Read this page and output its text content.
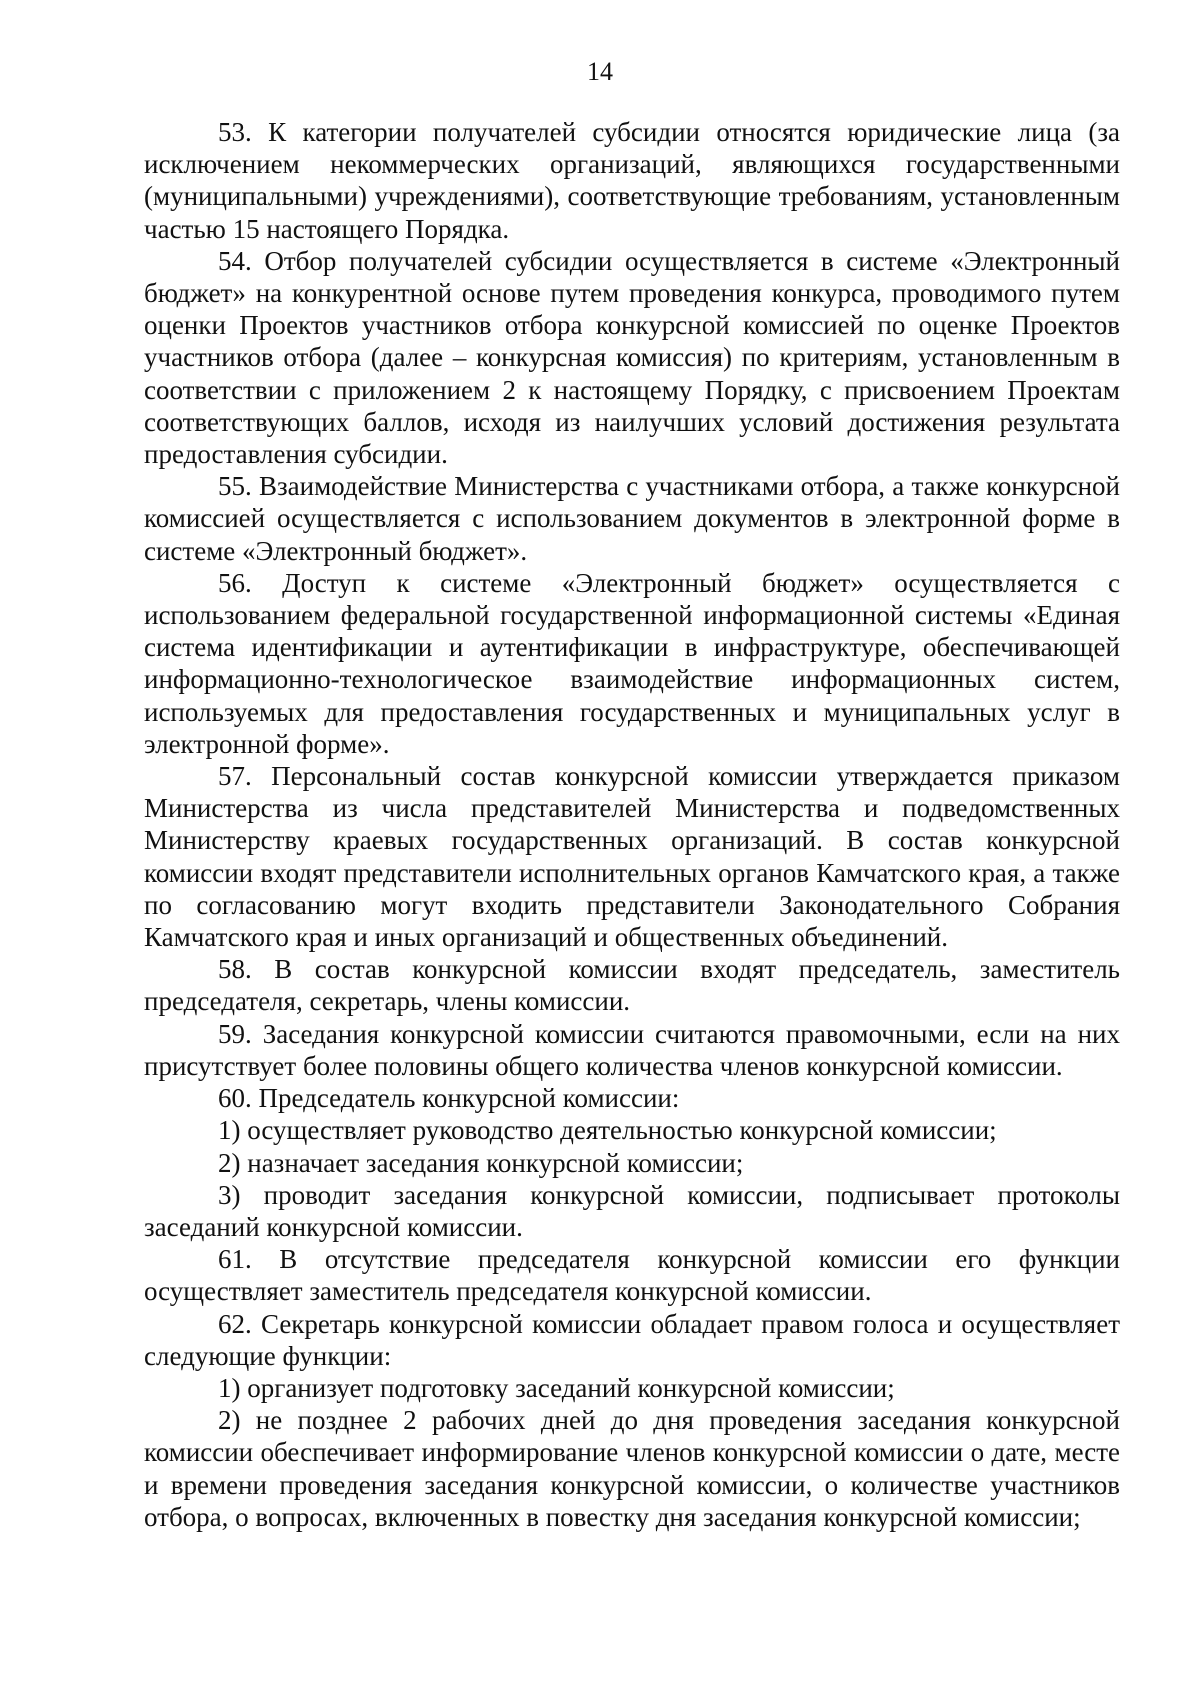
14

53. К категории получателей субсидии относятся юридические лица (за исключением некоммерческих организаций, являющихся государственными (муниципальными) учреждениями), соответствующие требованиям, установленным частью 15 настоящего Порядка.

54. Отбор получателей субсидии осуществляется в системе «Электронный бюджет» на конкурентной основе путем проведения конкурса, проводимого путем оценки Проектов участников отбора конкурсной комиссией по оценке Проектов участников отбора (далее – конкурсная комиссия) по критериям, установленным в соответствии с приложением 2 к настоящему Порядку, с присвоением Проектам соответствующих баллов, исходя из наилучших условий достижения результата предоставления субсидии.

55. Взаимодействие Министерства с участниками отбора, а также конкурсной комиссией осуществляется с использованием документов в электронной форме в системе «Электронный бюджет».

56. Доступ к системе «Электронный бюджет» осуществляется с использованием федеральной государственной информационной системы «Единая система идентификации и аутентификации в инфраструктуре, обеспечивающей информационно-технологическое взаимодействие информационных систем, используемых для предоставления государственных и муниципальных услуг в электронной форме».

57. Персональный состав конкурсной комиссии утверждается приказом Министерства из числа представителей Министерства и подведомственных Министерству краевых государственных организаций. В состав конкурсной комиссии входят представители исполнительных органов Камчатского края, а также по согласованию могут входить представители Законодательного Собрания Камчатского края и иных организаций и общественных объединений.

58. В состав конкурсной комиссии входят председатель, заместитель председателя, секретарь, члены комиссии.

59. Заседания конкурсной комиссии считаются правомочными, если на них присутствует более половины общего количества членов конкурсной комиссии.

60. Председатель конкурсной комиссии:

1) осуществляет руководство деятельностью конкурсной комиссии;

2) назначает заседания конкурсной комиссии;

3) проводит заседания конкурсной комиссии, подписывает протоколы заседаний конкурсной комиссии.

61. В отсутствие председателя конкурсной комиссии его функции осуществляет заместитель председателя конкурсной комиссии.

62. Секретарь конкурсной комиссии обладает правом голоса и осуществляет следующие функции:

1) организует подготовку заседаний конкурсной комиссии;

2) не позднее 2 рабочих дней до дня проведения заседания конкурсной комиссии обеспечивает информирование членов конкурсной комиссии о дате, месте и времени проведения заседания конкурсной комиссии, о количестве участников отбора, о вопросах, включенных в повестку дня заседания конкурсной комиссии;
